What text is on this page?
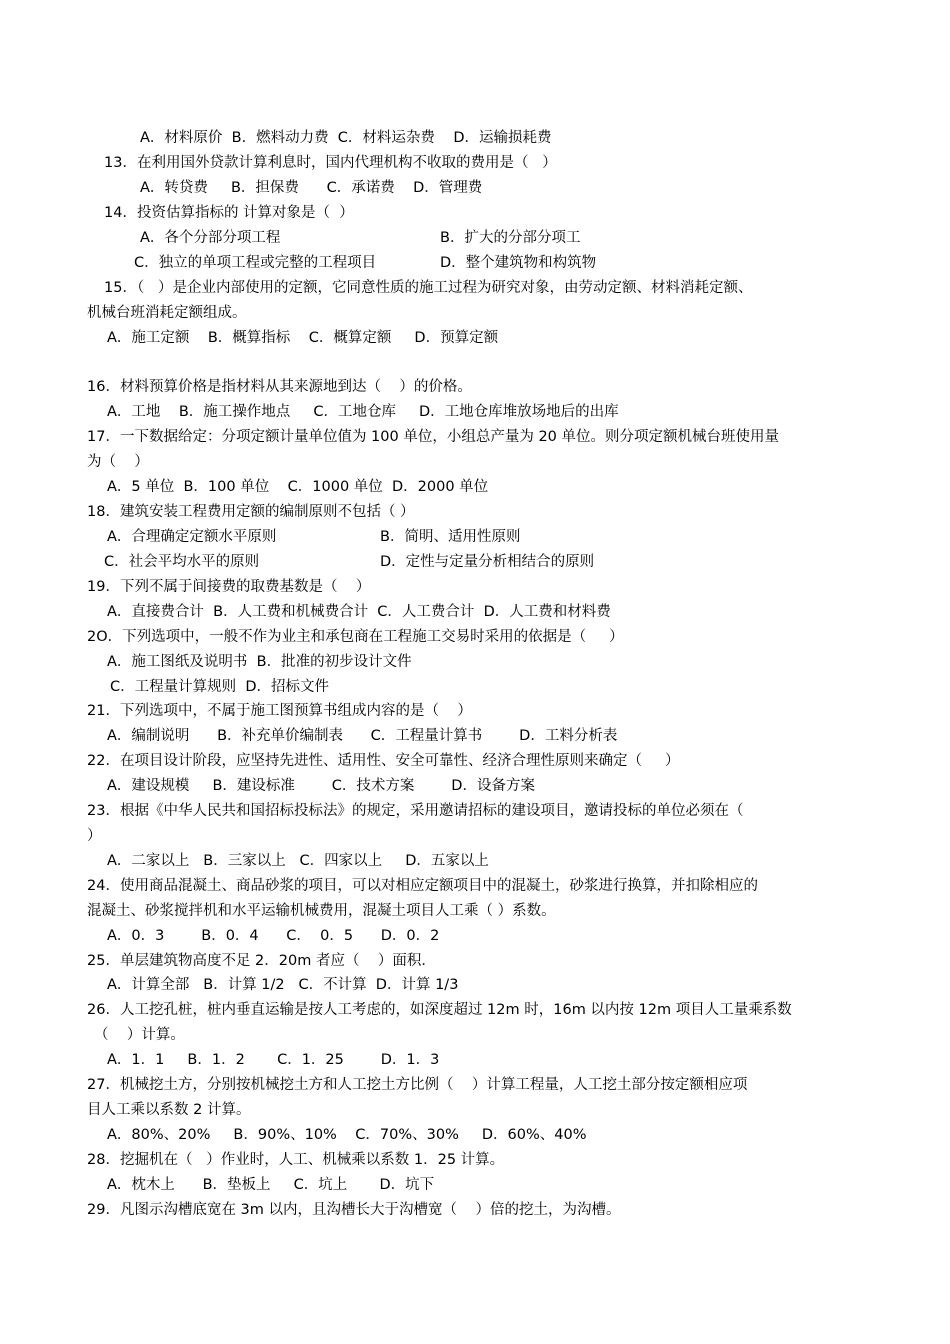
A．材料原价  B．燃料动力费  C．材料运杂费    D．运输损耗费
13．在利用国外贷款计算利息时，国内代理机构不收取的费用是（   ）
A．转贷费     B．担保费      C．承诺费    D．管理费
14．投资估算指标的 计算对象是（  ）
A．各个分部分项工程	B．扩大的分部分项工
C．独立的单项工程或完整的工程项目	D．整个建筑物和构筑物
15．（   ）是企业内部使用的定额，它同意性质的施工过程为研究对象，由劳动定额、材料消耗定额、
机械台班消耗定额组成。
A．施工定额    B．概算指标    C．概算定额     D．预算定额
16．材料预算价格是指材料从其来源地到达（    ）的价格。
A．工地    B．施工操作地点     C．工地仓库     D．工地仓库堆放场地后的出库
17．一下数据给定：分项定额计量单位值为 100 单位，小组总产量为 20 单位。则分项定额机械台班使用量
为（    ）
A．5 单位  B．100 单位    C．1000 单位  D．2000 单位
18．建筑安装工程费用定额的编制原则不包括（ ）
A．合理确定定额水平原则	B．简明、适用性原则
C．社会平均水平的原则	D．定性与定量分析相结合的原则
19．下列不属于间接费的取费基数是（    ）
A．直接费合计  B．人工费和机械费合计  C．人工费合计  D．人工费和材料费
2O．下列选项中，一般不作为业主和承包商在工程施工交易时采用的依据是（     ）
A．施工图纸及说明书  B．批准的初步设计文件
C．工程量计算规则  D．招标文件
21．下列选项中，不属于施工图预算书组成内容的是（    ）
A．编制说明      B．补充单价编制表      C．工程量计算书        D．工料分析表
22．在项目设计阶段，应坚持先进性、适用性、安全可靠性、经济合理性原则来确定（     ）
A．建设规模     B．建设标准        C．技术方案        D．设备方案
23．根据《中华人民共和国招标投标法》的规定，采用邀请招标的建设项目，邀请投标的单位必须在（
）
A．二家以上   B．三家以上   C．四家以上     D．五家以上
24．使用商品混凝土、商品砂浆的项目，可以对相应定额项目中的混凝土，砂浆进行换算，并扣除相应的
混凝土、砂浆搅拌机和水平运输机械费用，混凝土项目人工乘（ ）系数。
A．0．3        B．0．4      C．  0．5      D．0．2
25．单层建筑物高度不足 2．20m 者应（    ）面积．
A．计算全部   B．计算 1/2   C．不计算  D．计算 1/3
26．人工挖孔桩，桩内垂直运输是按人工考虑的，如深度超过 12m 时，16m 以内按 12m 项目人工量乘系数
（    ）计算。
A．1．1     B．1．2       C．1．25        D．1．3
27．机械挖土方，分别按机械挖土方和人工挖土方比例（    ）计算工程量，人工挖土部分按定额相应项
目人工乘以系数 2 计算。
A．80%、20%     B．90%、10%    C．70%、30%     D．60%、40%
28．挖掘机在（   ）作业时，人工、机械乘以系数 1．25 计算。
A．枕木上      B．垫板上     C．坑上       D．坑下
29．凡图示沟槽底宽在 3m 以内，且沟槽长大于沟槽宽（    ）倍的挖土，为沟槽。
